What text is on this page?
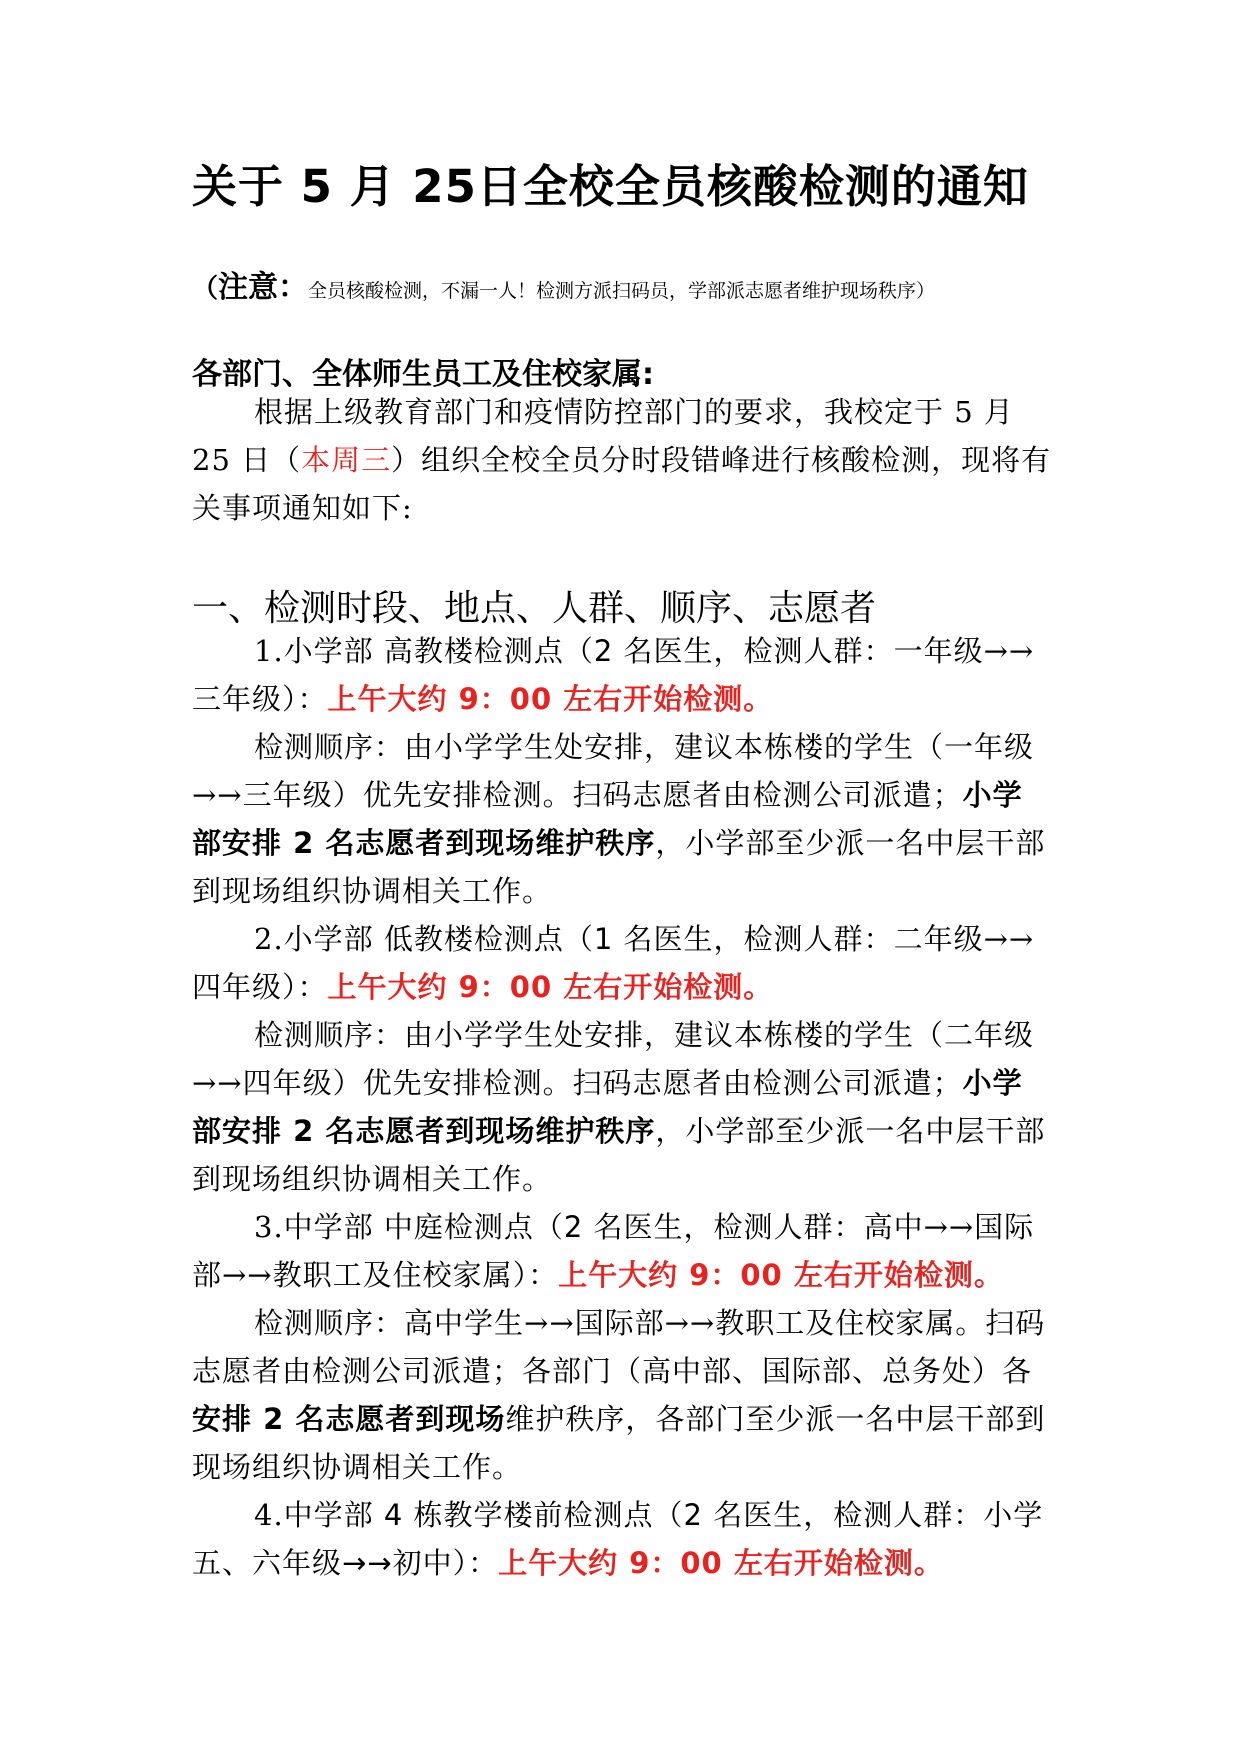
关于 5 月 25日全校全员核酸检测的通知
（注意：全员核酸检测，不漏一人！检测方派扫码员，学部派志愿者维护现场秩序）
各部门、全体师生员工及住校家属:
根据上级教育部门和疫情防控部门的要求，我校定于 5 月 25 日（本周三）组织全校全员分时段错峰进行核酸检测，现将有关事项通知如下:
一、检测时段、地点、人群、顺序、志愿者
1.小学部 高教楼检测点（2 名医生，检测人群：一年级→→三年级）：上午大约 9：00 左右开始检测。
检测顺序：由小学学生处安排，建议本栋楼的学生（一年级→→三年级）优先安排检测。扫码志愿者由检测公司派遣；小学部安排 2 名志愿者到现场维护秩序，小学部至少派一名中层干部到现场组织协调相关工作。
2.小学部 低教楼检测点（1 名医生，检测人群：二年级→→四年级）：上午大约 9：00 左右开始检测。
检测顺序：由小学学生处安排，建议本栋楼的学生（二年级→→四年级）优先安排检测。扫码志愿者由检测公司派遣；小学部安排 2 名志愿者到现场维护秩序，小学部至少派一名中层干部到现场组织协调相关工作。
3.中学部 中庭检测点（2 名医生，检测人群：高中→→国际部→→教职工及住校家属）：上午大约 9：00 左右开始检测。
检测顺序：高中学生→→国际部→→教职工及住校家属。扫码志愿者由检测公司派遣；各部门（高中部、国际部、总务处）各安排 2 名志愿者到现场维护秩序，各部门至少派一名中层干部到现场组织协调相关工作。
4.中学部 4 栋教学楼前检测点（2 名医生，检测人群：小学五、六年级→→初中）：上午大约 9：00 左右开始检测。
